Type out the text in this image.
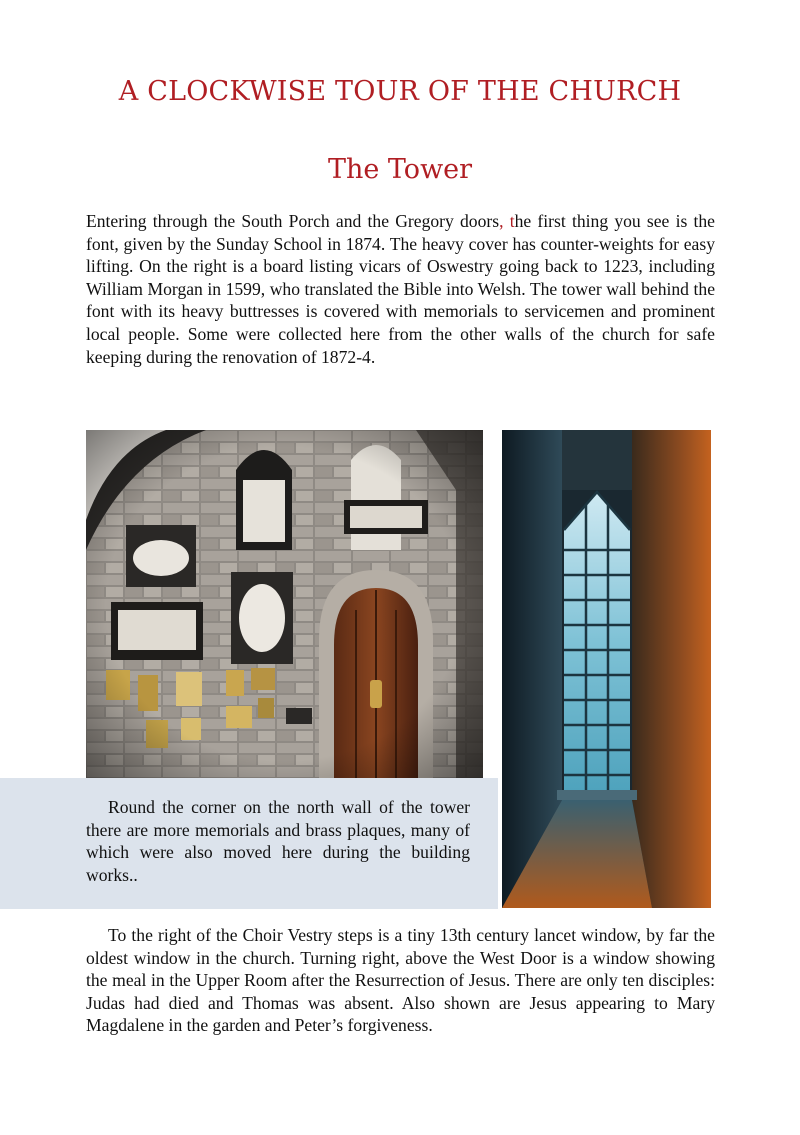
A CLOCKWISE TOUR OF THE CHURCH
The Tower
Entering through the South Porch and the Gregory doors, the first thing you see is the font, given by the Sunday School in 1874. The heavy cover has counter-weights for easy lifting. On the right is a board listing vicars of Oswestry going back to 1223, including William Morgan in 1599, who translated the Bible into Welsh. The tower wall behind the font with its heavy buttresses is covered with memorials to servicemen and prominent local people. Some were collected here from the other walls of the church for safe keeping during the renovation of 1872-4.
Round the corner on the north wall of the tower there are more memorials and brass plaques, many of which were also moved here during the building works..
To the right of the Choir Vestry steps is a tiny 13th century lancet window, by far the oldest window in the church. Turning right, above the West Door is a window showing the meal in the Upper Room after the Resurrection of Jesus. There are only ten disciples: Judas had died and Thomas was absent. Also shown are Jesus appearing to Mary Magdalene in the garden and Peter’s forgiveness.
